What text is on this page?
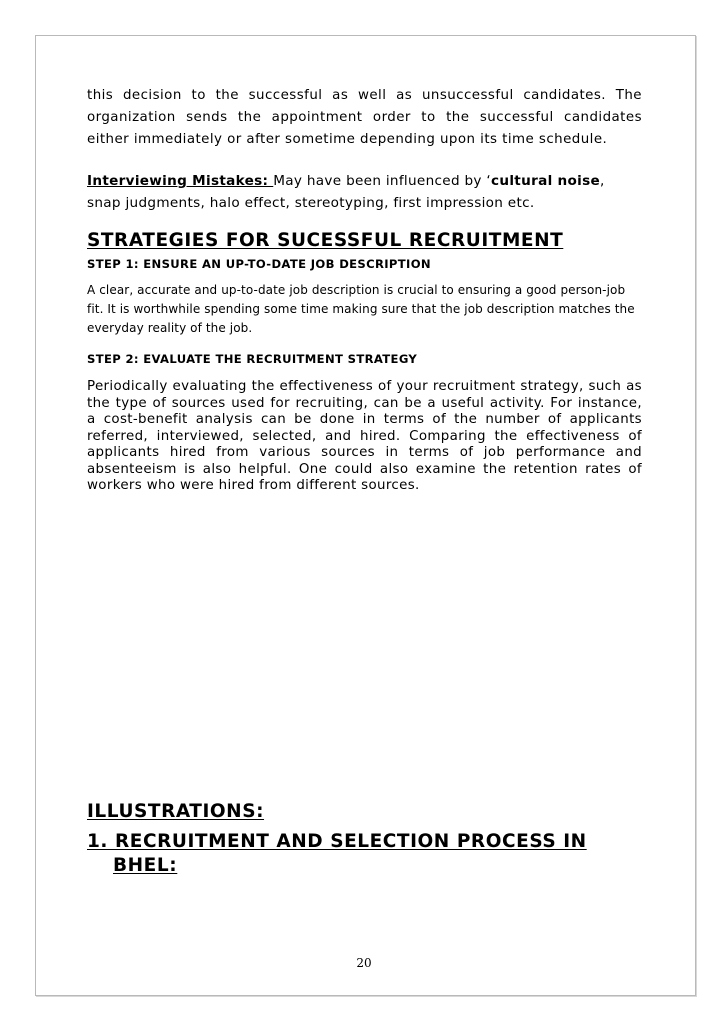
this decision to the successful as well as unsuccessful candidates. The organization sends the appointment order to the successful candidates either immediately or after sometime depending upon its time schedule.

Interviewing Mistakes: May have been influenced by ‘cultural noise, snap judgments, halo effect, stereotyping, first impression etc.
STRATEGIES FOR SUCESSFUL RECRUITMENT
STEP 1: ENSURE AN UP-TO-DATE JOB DESCRIPTION

A clear, accurate and up-to-date job description is crucial to ensuring a good person-job fit. It is worthwhile spending some time making sure that the job description matches the everyday reality of the job.

STEP 2: EVALUATE THE RECRUITMENT STRATEGY

Periodically evaluating the effectiveness of your recruitment strategy, such as the type of sources used for recruiting, can be a useful activity. For instance, a cost-benefit analysis can be done in terms of the number of applicants referred, interviewed, selected, and hired. Comparing the effectiveness of applicants hired from various sources in terms of job performance and absenteeism is also helpful. One could also examine the retention rates of workers who were hired from different sources.

ILLUSTRATIONS:
1. RECRUITMENT AND SELECTION PROCESS IN
BHEL:
20
